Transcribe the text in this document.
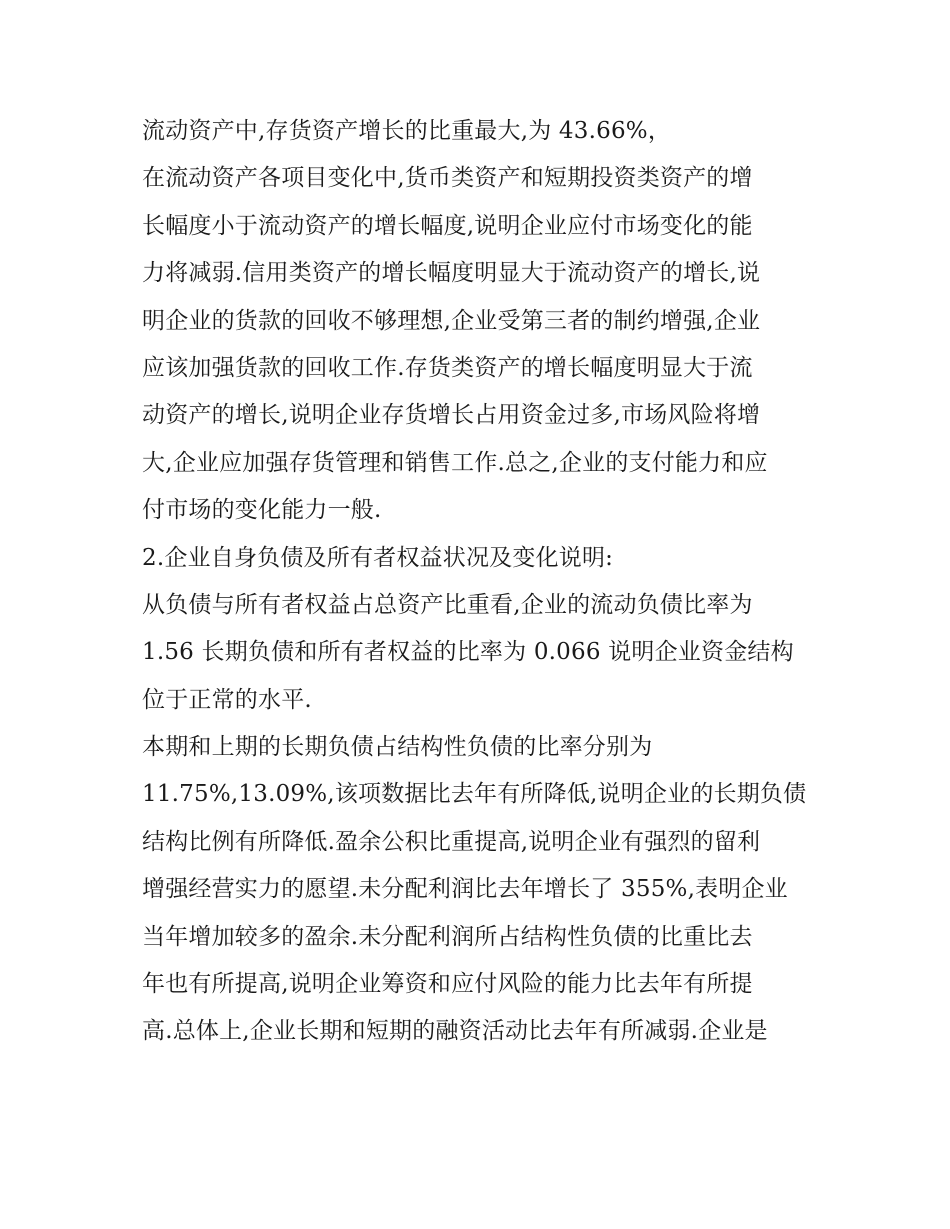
流动资产中,存货资产增长的比重最大,为 43.66%，
在流动资产各项目变化中,货币类资产和短期投资类资产的增
长幅度小于流动资产的增长幅度,说明企业应付市场变化的能
力将减弱.信用类资产的增长幅度明显大于流动资产的增长,说
明企业的货款的回收不够理想,企业受第三者的制约增强,企业
应该加强货款的回收工作.存货类资产的增长幅度明显大于流
动资产的增长,说明企业存货增长占用资金过多,市场风险将增
大,企业应加强存货管理和销售工作.总之,企业的支付能力和应
付市场的变化能力一般.
2.企业自身负债及所有者权益状况及变化说明:
从负债与所有者权益占总资产比重看,企业的流动负债比率为
1.56 长期负债和所有者权益的比率为 0.066 说明企业资金结构
位于正常的水平.
本期和上期的长期负债占结构性负债的比率分别为
11.75%,13.09%,该项数据比去年有所降低,说明企业的长期负债
结构比例有所降低.盈余公积比重提高,说明企业有强烈的留利
增强经营实力的愿望.未分配利润比去年增长了 355%,表明企业
当年增加较多的盈余.未分配利润所占结构性负债的比重比去
年也有所提高,说明企业筹资和应付风险的能力比去年有所提
高.总体上,企业长期和短期的融资活动比去年有所减弱.企业是
